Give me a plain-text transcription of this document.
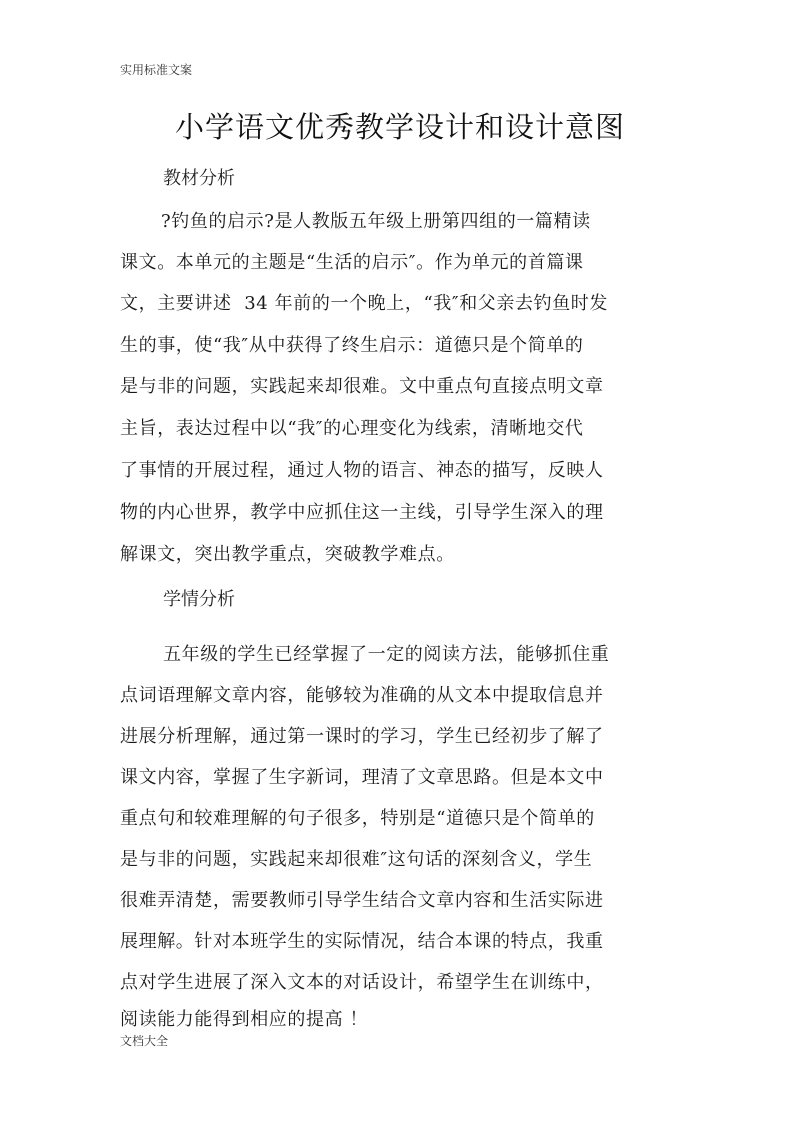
实用标准文案
小学语文优秀教学设计和设计意图
教材分析
?钓鱼的启示?是人教版五年级上册第四组的一篇精读
课文。本单元的主题是“生活的启示″。作为单元的首篇课
文，主要讲述  34 年前的一个晚上，“我″和父亲去钓鱼时发
生的事，使“我″从中获得了终生启示：道德只是个简单的
是与非的问题，实践起来却很难。文中重点句直接点明文章
主旨，表达过程中以“我″的心理变化为线索，清晰地交代
了事情的开展过程，通过人物的语言、神态的描写，反映人
物的内心世界，教学中应抓住这一主线，引导学生深入的理
解课文，突出教学重点，突破教学难点。
学情分析
五年级的学生已经掌握了一定的阅读方法，能够抓住重
点词语理解文章内容，能够较为准确的从文本中提取信息并
进展分析理解，通过第一课时的学习，学生已经初步了解了
课文内容，掌握了生字新词，理清了文章思路。但是本文中
重点句和较难理解的句子很多，特别是“道德只是个简单的
是与非的问题，实践起来却很难″这句话的深刻含义，学生
很难弄清楚，需要教师引导学生结合文章内容和生活实际进
展理解。针对本班学生的实际情况，结合本课的特点，我重
点对学生进展了深入文本的对话设计，希望学生在训练中，
阅读能力能得到相应的提高 ！
文档大全
